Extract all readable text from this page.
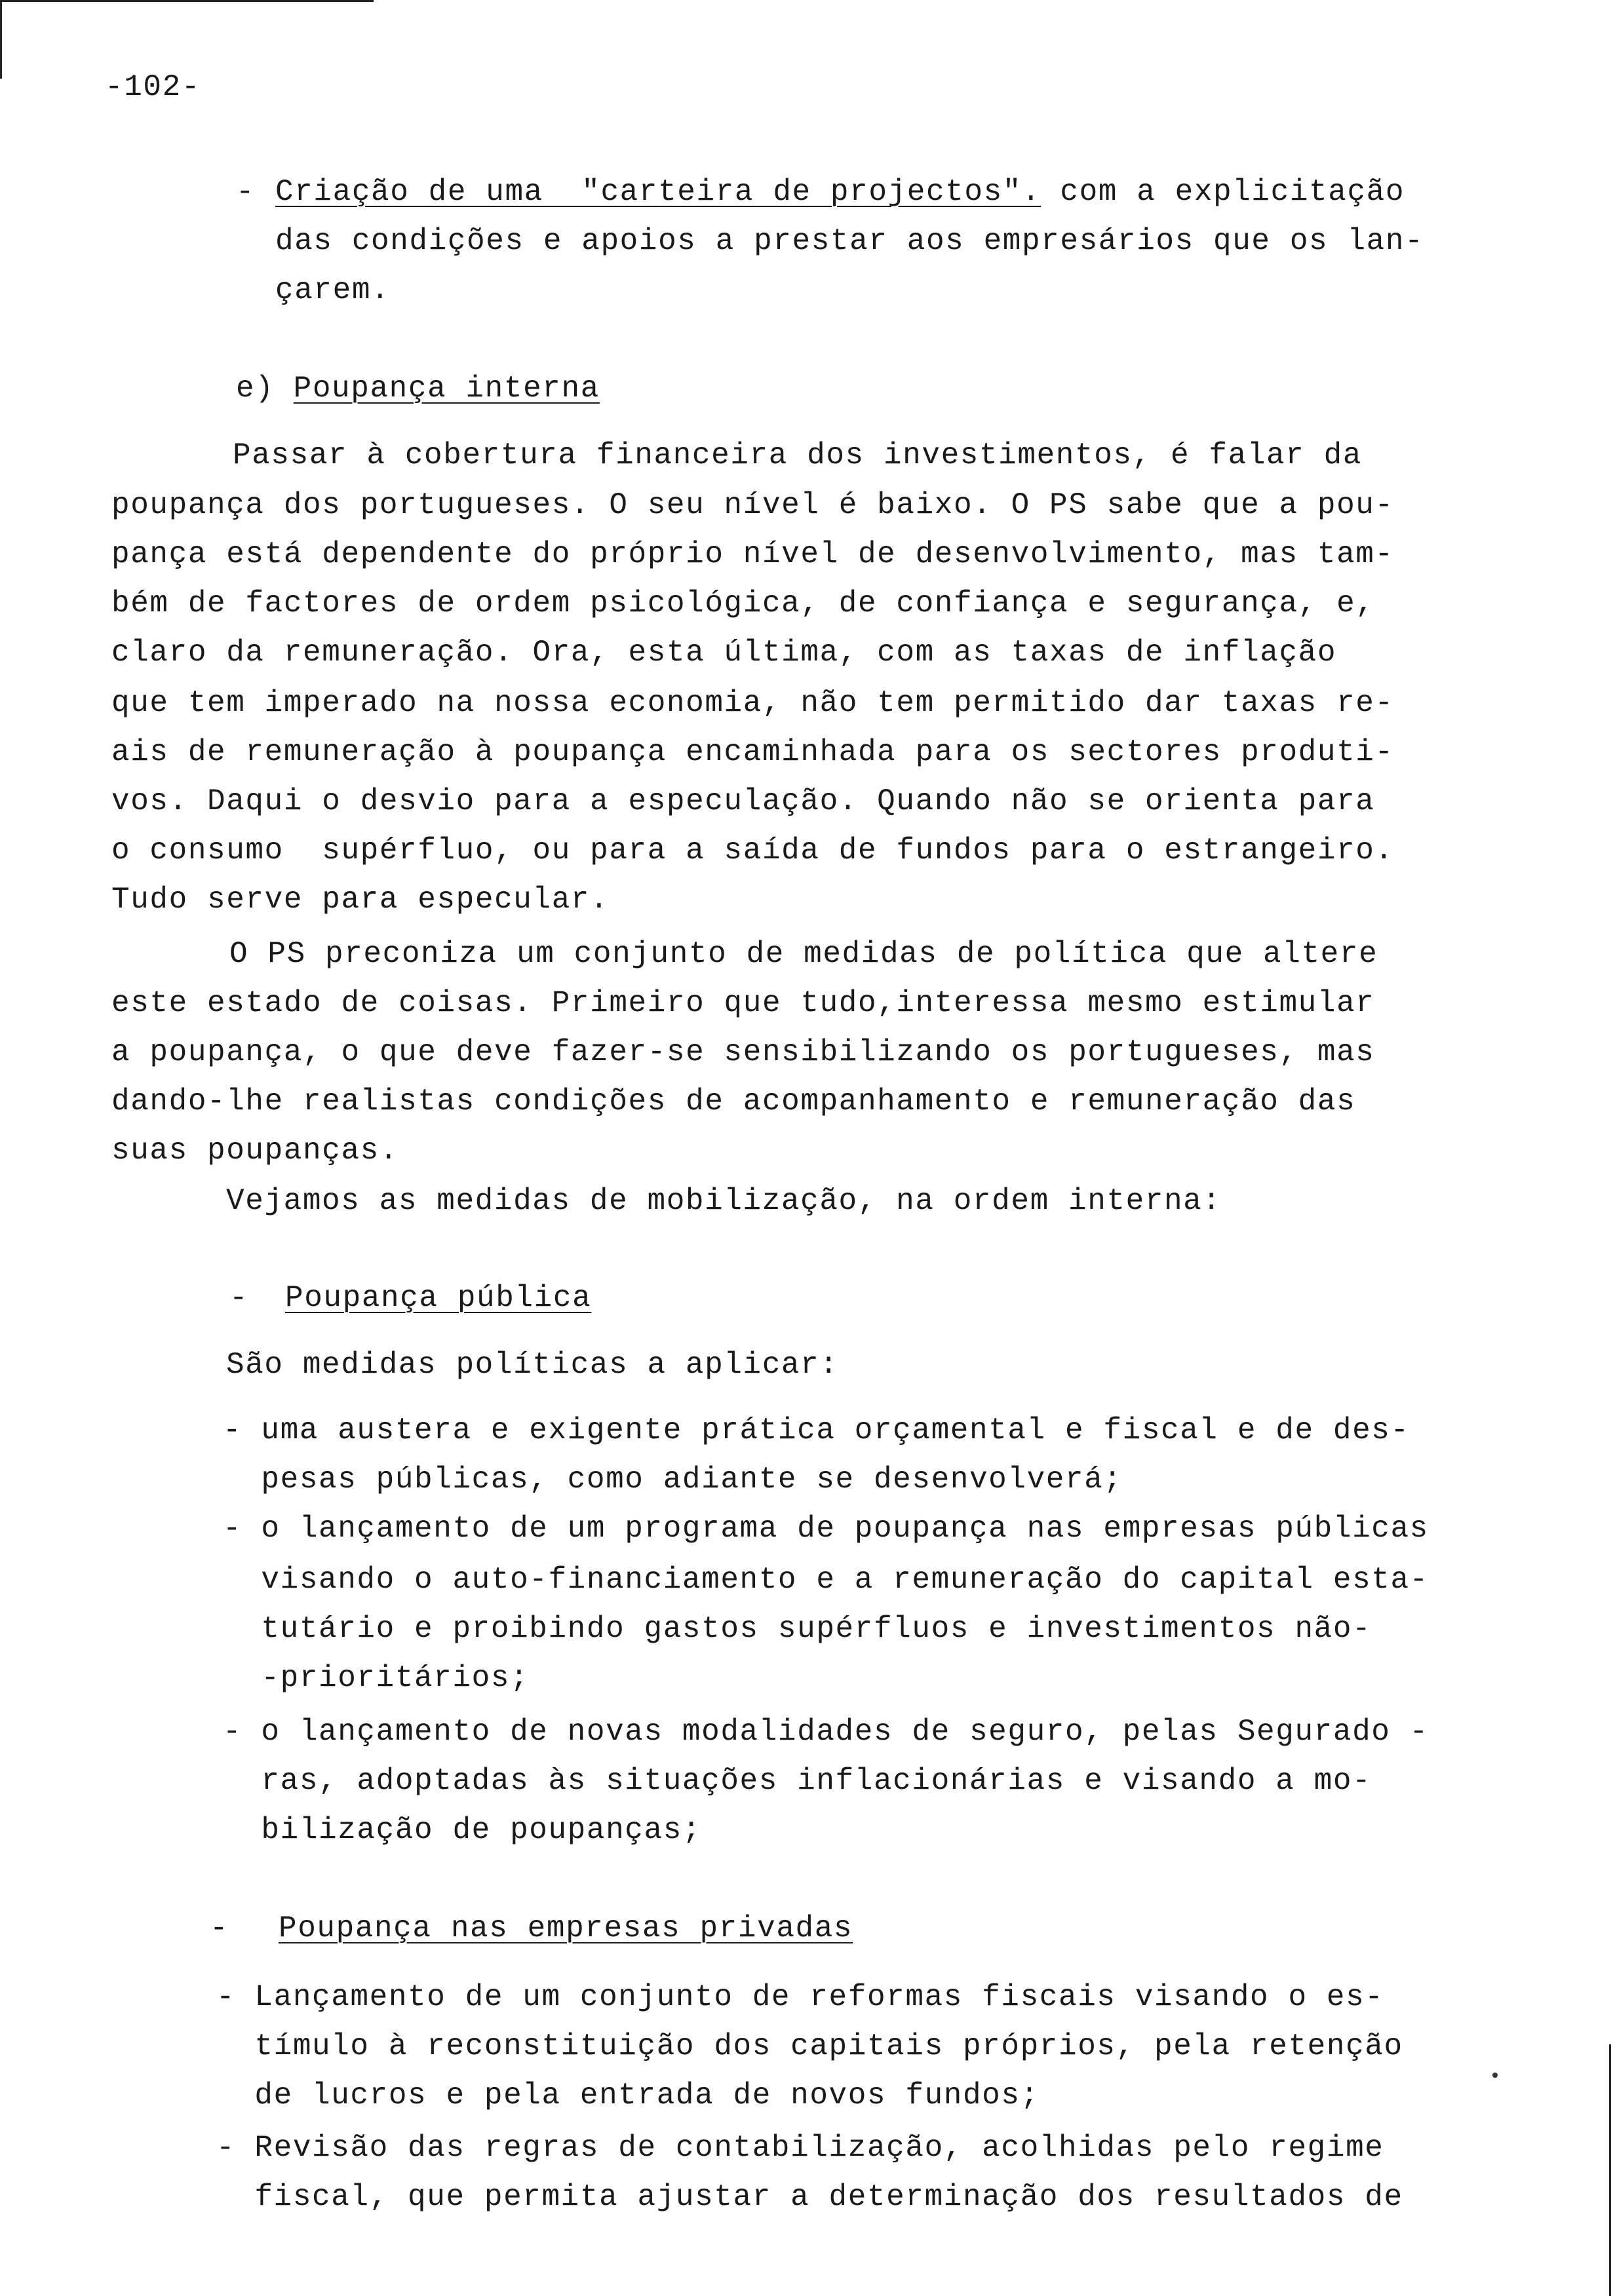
-102-
- Criação de uma  "carteira de projectos". com a explicitação
das condições e apoios a prestar aos empresários que os lan-
çarem.
e) Poupança interna
Passar à cobertura financeira dos investimentos, é falar da
poupança dos portugueses. O seu nível é baixo. O PS sabe que a pou-
pança está dependente do próprio nível de desenvolvimento, mas tam-
bém de factores de ordem psicológica, de confiança e segurança, e,
claro da remuneração. Ora, esta última, com as taxas de inflação
que tem imperado na nossa economia, não tem permitido dar taxas re-
ais de remuneração à poupança encaminhada para os sectores produti-
vos. Daqui o desvio para a especulação. Quando não se orienta para
o consumo  supérfluo, ou para a saída de fundos para o estrangeiro.
Tudo serve para especular.
O PS preconiza um conjunto de medidas de política que altere
este estado de coisas. Primeiro que tudo,interessa mesmo estimular
a poupança, o que deve fazer-se sensibilizando os portugueses, mas
dando-lhe realistas condições de acompanhamento e remuneração das
suas poupanças.
Vejamos as medidas de mobilização, na ordem interna:
- Poupança pública
São medidas políticas a aplicar:
- uma austera e exigente prática orçamental e fiscal e de des-
pesas públicas, como adiante se desenvolverá;
- o lançamento de um programa de poupança nas empresas públicas
visando o auto-financiamento e a remuneração do capital esta-
tutário e proibindo gastos supérfluos e investimentos não-
-prioritários;
- o lançamento de novas modalidades de seguro, pelas Segurado -
ras, adoptadas às situações inflacionárias e visando a mo-
bilização de poupanças;
- Poupança nas empresas privadas
- Lançamento de um conjunto de reformas fiscais visando o es-
tímulo à reconstituição dos capitais próprios, pela retenção
de lucros e pela entrada de novos fundos;
- Revisão das regras de contabilização, acolhidas pelo regime
fiscal, que permita ajustar a determinação dos resultados de
